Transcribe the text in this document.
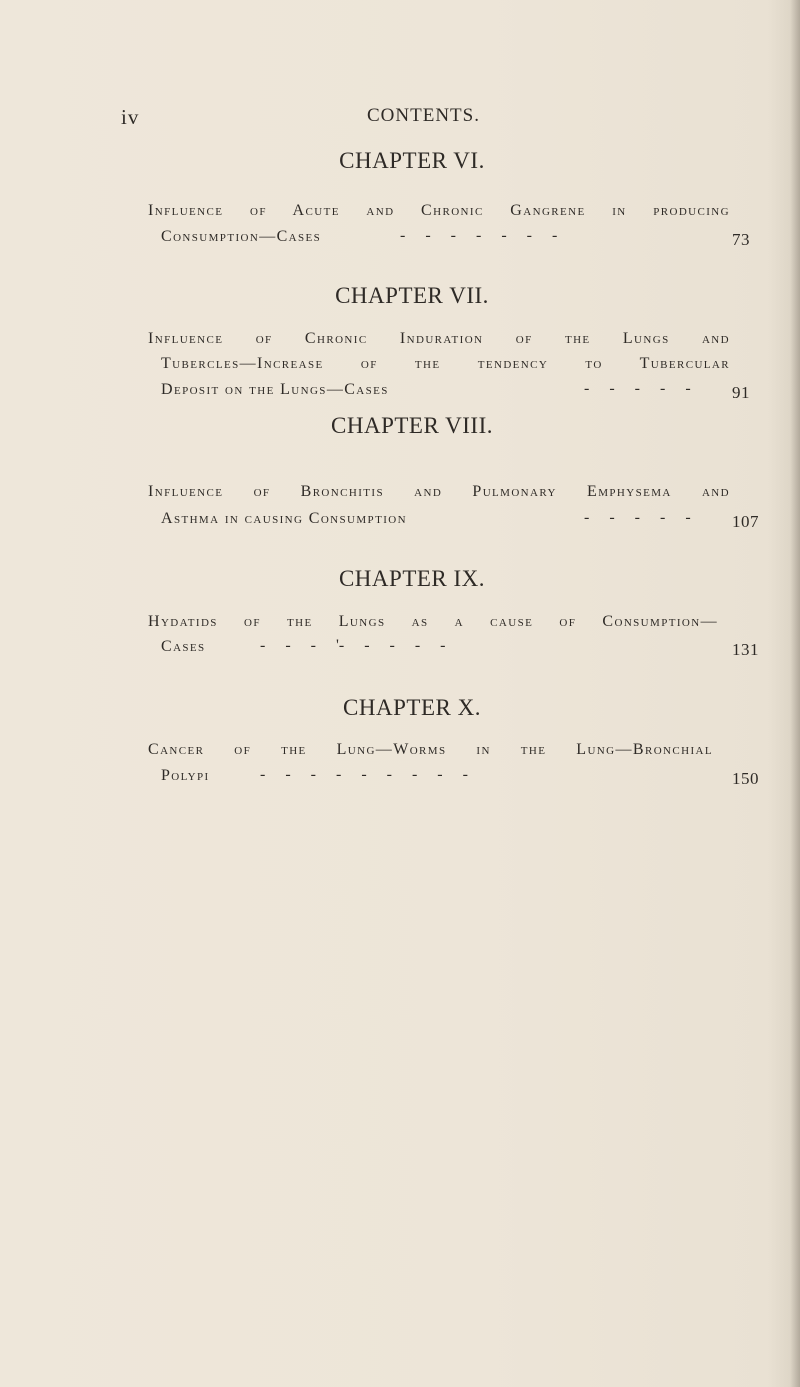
iv	CONTENTS.
CHAPTER VI.
Influence of Acute and Chronic Gangrene in producing
Consumption—Cases	-     -     -     -     -     -     -	73
CHAPTER VII.
Influence of Chronic Induration of the Lungs and
Tubercles—Increase of the tendency to Tubercular
Deposit on the Lungs—Cases	-     -     -     -     - 91
CHAPTER VIII.
Influence of Bronchitis and Pulmonary Emphysema and
Asthma in causing Consumption	-     -     -     -     - 107
CHAPTER IX.
Hydatids of the Lungs as a cause of Consumption—
Cases	-     -     -     '-     -     -     -     -	131
CHAPTER X.
Cancer of the Lung—Worms in the Lung—Bronchial
Polypi	-     -     -     -     -     -     -     -     -	150
